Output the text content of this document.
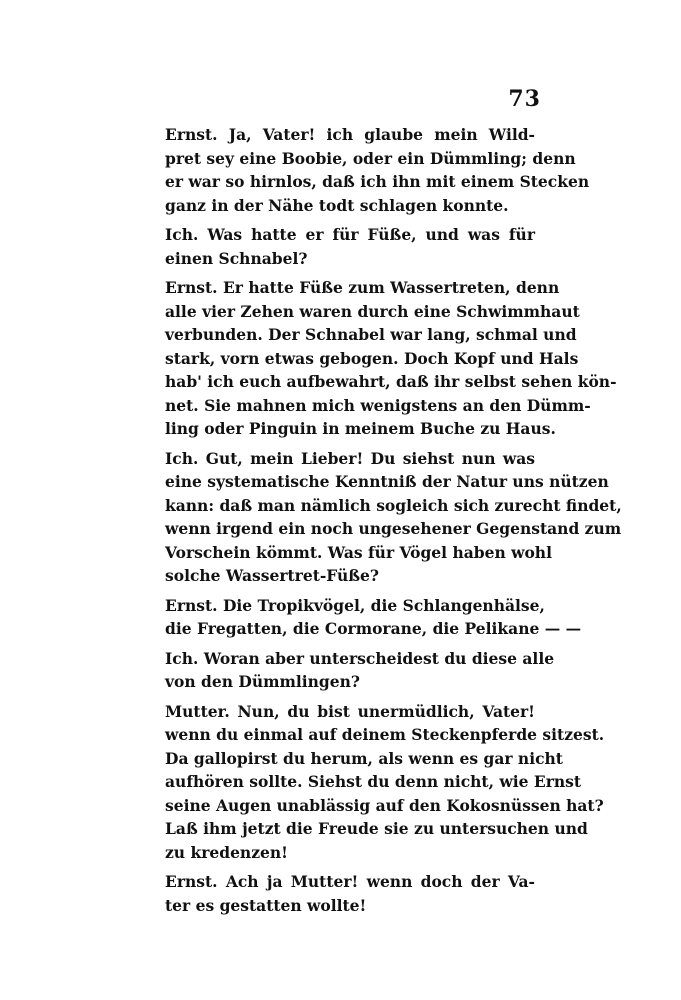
73
Ernst. Ja, Vater! ich glaube mein Wild-
pret sey eine Boobie, oder ein Dümmling; denn
er war so hirnlos, daß ich ihn mit einem Stecken
ganz in der Nähe todt schlagen konnte.
Ich. Was hatte er für Füße, und was für
einen Schnabel?
Ernst. Er hatte Füße zum Wassertreten, denn
alle vier Zehen waren durch eine Schwimmhaut
verbunden. Der Schnabel war lang, schmal und
stark, vorn etwas gebogen. Doch Kopf und Hals
hab' ich euch aufbewahrt, daß ihr selbst sehen kön-
net. Sie mahnen mich wenigstens an den Dümm-
ling oder Pinguin in meinem Buche zu Haus.
Ich. Gut, mein Lieber! Du siehst nun was
eine systematische Kenntniß der Natur uns nützen
kann: daß man nämlich sogleich sich zurecht findet,
wenn irgend ein noch ungesehener Gegenstand zum
Vorschein kömmt. Was für Vögel haben wohl
solche Wassertret-Füße?
Ernst. Die Tropikvögel, die Schlangenhälse,
die Fregatten, die Cormorane, die Pelikane — —
Ich. Woran aber unterscheidest du diese alle
von den Dümmlingen?
Mutter. Nun, du bist unermüdlich, Vater!
wenn du einmal auf deinem Steckenpferde sitzest.
Da gallopirst du herum, als wenn es gar nicht
aufhören sollte. Siehst du denn nicht, wie Ernst
seine Augen unablässig auf den Kokosnüssen hat?
Laß ihm jetzt die Freude sie zu untersuchen und
zu kredenzen!
Ernst. Ach ja Mutter! wenn doch der Va-
ter es gestatten wollte!
